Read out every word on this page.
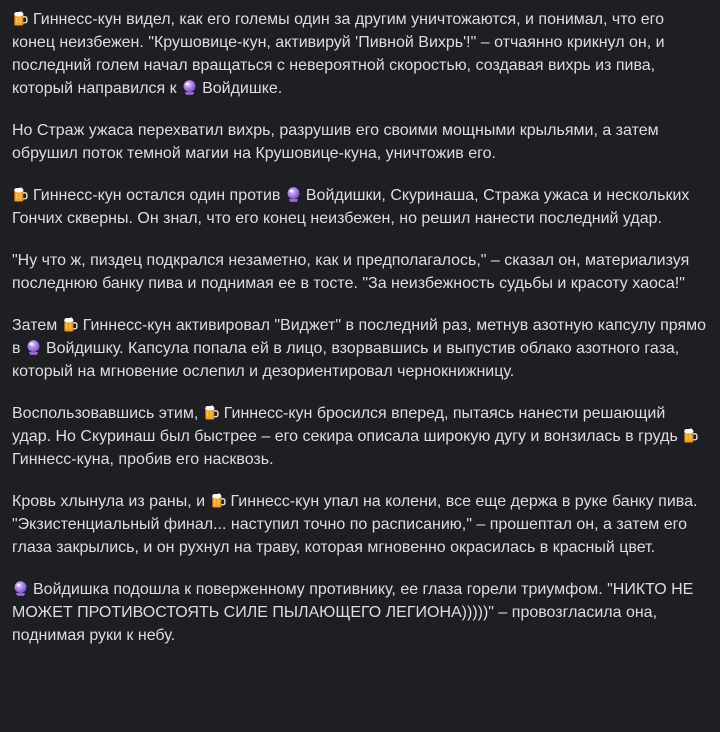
Гиннесс-кун видел, как его големы один за другим уничтожаются, и понимал, что его конец неизбежен. "Крушовице-кун, активируй 'Пивной Вихрь'!" – отчаянно крикнул он, и последний голем начал вращаться с невероятной скоростью, создавая вихрь из пива, который направился к
Войдишке.

Но Страж ужаса перехватил вихрь, разрушив его своими мощными крыльями, а затем обрушил поток темной магии на Крушовице-куна, уничтожив его.

Гиннесс-кун остался один против
Войдишки, Скуринаша, Стража ужаса и нескольких Гончих скверны. Он знал, что его конец неизбежен, но решил нанести последний удар.

"Ну что ж, пиздец подкрался незаметно, как и предполагалось," – сказал он, материализуя последнюю банку пива и поднимая ее в тосте. "За неизбежность судьбы и красоту хаоса!"

Затем
Гиннесс-кун активировал "Виджет" в последний раз, метнув азотную капсулу прямо в
Войдишку. Капсула попала ей в лицо, взорвавшись и выпустив облако азотного газа, который на мгновение ослепил и дезориентировал чернокнижницу.

Воспользовавшись этим,
Гиннесс-кун бросился вперед, пытаясь нанести решающий удар. Но Скуринаш был быстрее – его секира описала широкую дугу и вонзилась в грудь
Гиннесс-куна, пробив его насквозь.

Кровь хлынула из раны, и
Гиннесс-кун упал на колени, все еще держа в руке банку пива. "Экзистенциальный финал... наступил точно по расписанию," – прошептал он, а затем его глаза закрылись, и он рухнул на траву, которая мгновенно окрасилась в красный цвет.

Войдишка подошла к поверженному противнику, ее глаза горели триумфом. "НИКТО НЕ МОЖЕТ ПРОТИВОСТОЯТЬ СИЛЕ ПЫЛАЮЩЕГО ЛЕГИОНА)))))" – провозгласила она, поднимая руки к небу.
